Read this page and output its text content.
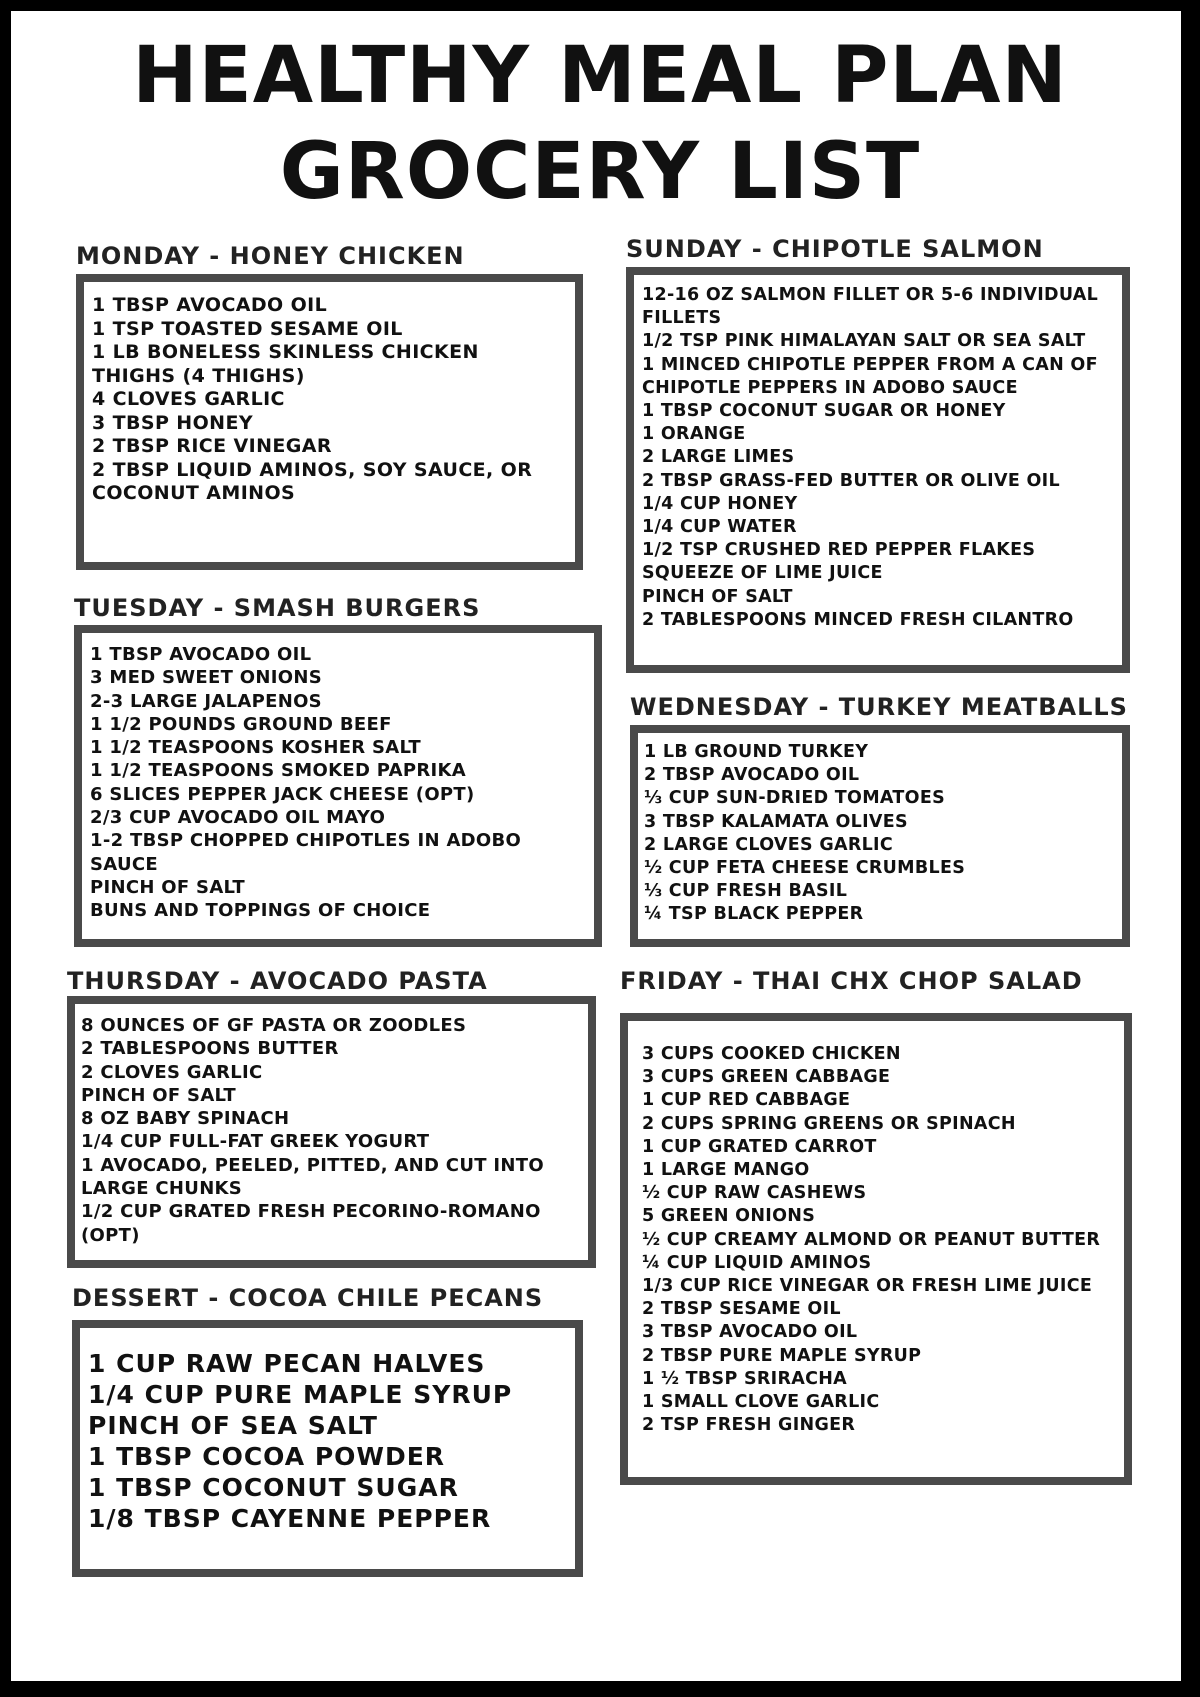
HEALTHY MEAL PLAN
GROCERY LIST
MONDAY - HONEY CHICKEN
1 TBSP AVOCADO OIL
1 TSP TOASTED SESAME OIL
1 LB BONELESS SKINLESS CHICKEN THIGHS (4 THIGHS)
4 CLOVES GARLIC
3 TBSP HONEY
2 TBSP RICE VINEGAR
2 TBSP LIQUID AMINOS, SOY SAUCE, OR COCONUT AMINOS
SUNDAY - CHIPOTLE SALMON
12-16 OZ SALMON FILLET OR 5-6 INDIVIDUAL FILLETS
1/2 TSP PINK HIMALAYAN SALT OR SEA SALT
1 MINCED CHIPOTLE PEPPER FROM A CAN OF CHIPOTLE PEPPERS IN ADOBO SAUCE
1 TBSP COCONUT SUGAR OR HONEY
1 ORANGE
2 LARGE LIMES
2 TBSP GRASS-FED BUTTER OR OLIVE OIL
1/4 CUP HONEY
1/4 CUP WATER
1/2 TSP CRUSHED RED PEPPER FLAKES
SQUEEZE OF LIME JUICE
PINCH OF SALT
2 TABLESPOONS MINCED FRESH CILANTRO
TUESDAY - SMASH BURGERS
1 TBSP AVOCADO OIL
3 MED SWEET ONIONS
2-3 LARGE JALAPENOS
1 1/2 POUNDS GROUND BEEF
1 1/2 TEASPOONS KOSHER SALT
1 1/2 TEASPOONS SMOKED PAPRIKA
6 SLICES PEPPER JACK CHEESE (OPT)
2/3 CUP AVOCADO OIL MAYO
1-2 TBSP CHOPPED CHIPOTLES IN ADOBO SAUCE
PINCH OF SALT
BUNS AND TOPPINGS OF CHOICE
WEDNESDAY - TURKEY MEATBALLS
1 LB GROUND TURKEY
2 TBSP AVOCADO OIL
⅓ CUP SUN-DRIED TOMATOES
3 TBSP KALAMATA OLIVES
2 LARGE CLOVES GARLIC
½ CUP FETA CHEESE CRUMBLES
⅓ CUP FRESH BASIL
¼ TSP BLACK PEPPER
THURSDAY - AVOCADO PASTA
8 OUNCES OF GF PASTA OR ZOODLES
2 TABLESPOONS BUTTER
2 CLOVES GARLIC
PINCH OF SALT
8 OZ BABY SPINACH
1/4 CUP FULL-FAT GREEK YOGURT
1 AVOCADO, PEELED, PITTED, AND CUT INTO LARGE CHUNKS
1/2 CUP GRATED FRESH PECORINO-ROMANO (OPT)
FRIDAY - THAI CHX CHOP SALAD
3 CUPS COOKED CHICKEN
3 CUPS GREEN CABBAGE
1 CUP RED CABBAGE
2 CUPS SPRING GREENS OR SPINACH
1 CUP GRATED CARROT
1 LARGE MANGO
½ CUP RAW CASHEWS
5 GREEN ONIONS
½ CUP CREAMY ALMOND OR PEANUT BUTTER
¼ CUP LIQUID AMINOS
1/3 CUP RICE VINEGAR OR FRESH LIME JUICE 2 TBSP SESAME OIL
3 TBSP AVOCADO OIL
2 TBSP PURE MAPLE SYRUP
1 ½ TBSP SRIRACHA
1 SMALL CLOVE GARLIC
2 TSP FRESH GINGER
DESSERT - COCOA CHILE PECANS
1 CUP RAW PECAN HALVES
1/4 CUP PURE MAPLE SYRUP
PINCH OF SEA SALT
1 TBSP COCOA POWDER
1 TBSP COCONUT SUGAR
1/8 TBSP CAYENNE PEPPER
